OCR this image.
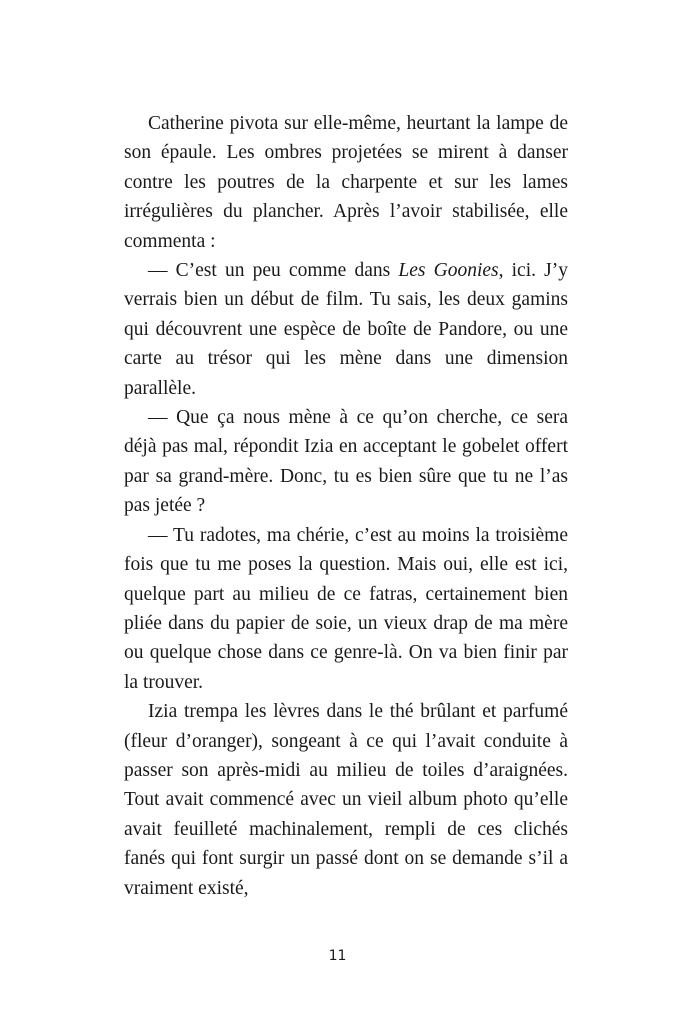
Catherine pivota sur elle-même, heurtant la lampe de son épaule. Les ombres projetées se mirent à danser contre les poutres de la charpente et sur les lames irrégulières du plancher. Après l’avoir stabilisée, elle commenta :

— C’est un peu comme dans Les Goonies, ici. J’y verrais bien un début de film. Tu sais, les deux gamins qui découvrent une espèce de boîte de Pandore, ou une carte au trésor qui les mène dans une dimension parallèle.

— Que ça nous mène à ce qu’on cherche, ce sera déjà pas mal, répondit Izia en acceptant le gobelet offert par sa grand-mère. Donc, tu es bien sûre que tu ne l’as pas jetée ?

— Tu radotes, ma chérie, c’est au moins la troisième fois que tu me poses la question. Mais oui, elle est ici, quelque part au milieu de ce fatras, certainement bien pliée dans du papier de soie, un vieux drap de ma mère ou quelque chose dans ce genre-là. On va bien finir par la trouver.

Izia trempa les lèvres dans le thé brûlant et parfumé (fleur d’oranger), songeant à ce qui l’avait conduite à passer son après-midi au milieu de toiles d’araignées. Tout avait commencé avec un vieil album photo qu’elle avait feuilleté machinalement, rempli de ces clichés fanés qui font surgir un passé dont on se demande s’il a vraiment existé,

11
